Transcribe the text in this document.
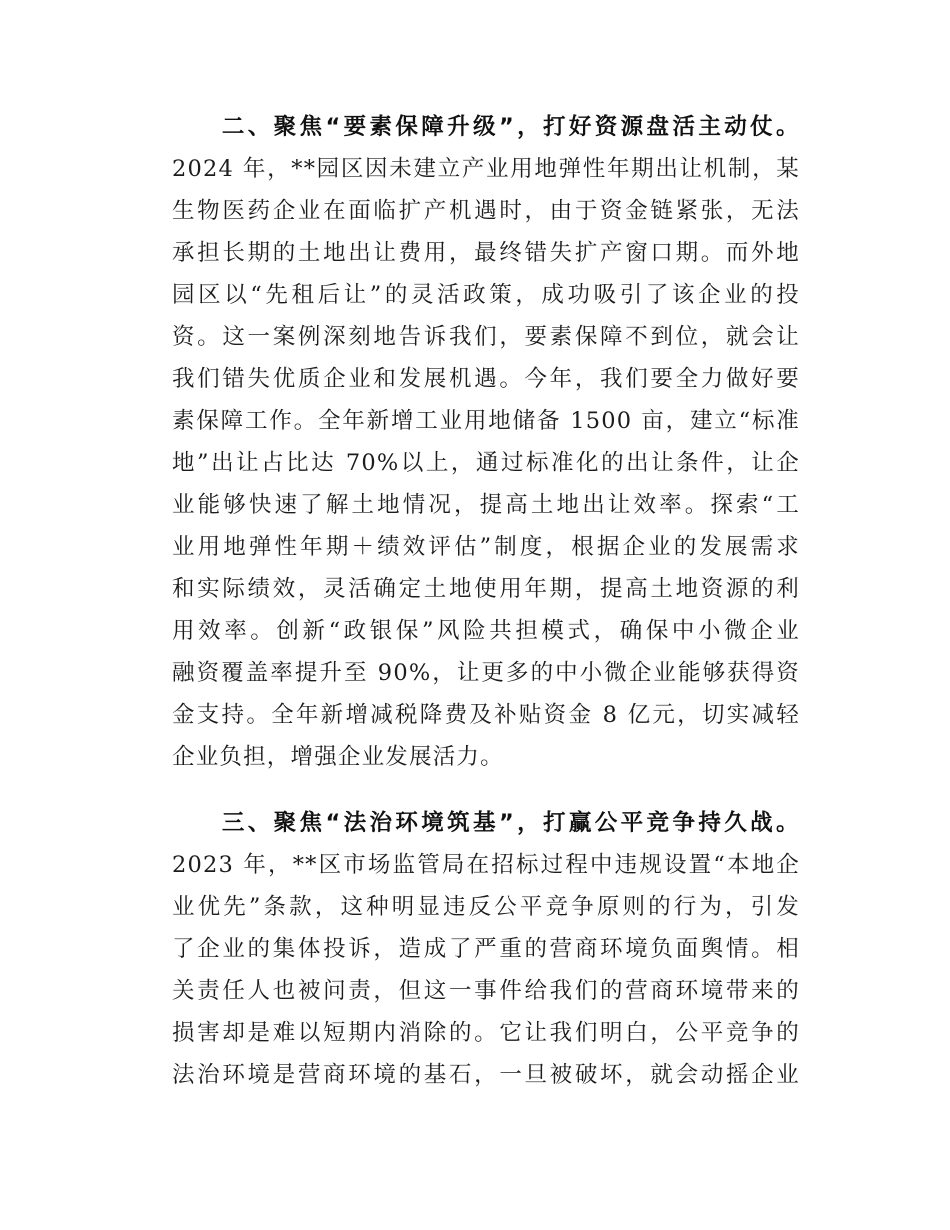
二、聚焦“要素保障升级”，打好资源盘活主动仗。
2024 年，**园区因未建立产业用地弹性年期出让机制，某
生物医药企业在面临扩产机遇时，由于资金链紧张，无法
承担长期的土地出让费用，最终错失扩产窗口期。而外地
园区以“先租后让”的灵活政策，成功吸引了该企业的投
资。这一案例深刻地告诉我们，要素保障不到位，就会让
我们错失优质企业和发展机遇。今年，我们要全力做好要
素保障工作。全年新增工业用地储备 1500 亩，建立“标准
地”出让占比达 70%以上，通过标准化的出让条件，让企
业能够快速了解土地情况，提高土地出让效率。探索“工
业用地弹性年期＋绩效评估”制度，根据企业的发展需求
和实际绩效，灵活确定土地使用年期，提高土地资源的利
用效率。创新“政银保”风险共担模式，确保中小微企业
融资覆盖率提升至 90%，让更多的中小微企业能够获得资
金支持。全年新增减税降费及补贴资金 8 亿元，切实减轻
企业负担，增强企业发展活力。
三、聚焦“法治环境筑基”，打赢公平竞争持久战。
2023 年，**区市场监管局在招标过程中违规设置“本地企
业优先”条款，这种明显违反公平竞争原则的行为，引发
了企业的集体投诉，造成了严重的营商环境负面舆情。相
关责任人也被问责，但这一事件给我们的营商环境带来的
损害却是难以短期内消除的。它让我们明白，公平竞争的
法治环境是营商环境的基石，一旦被破坏，就会动摇企业
